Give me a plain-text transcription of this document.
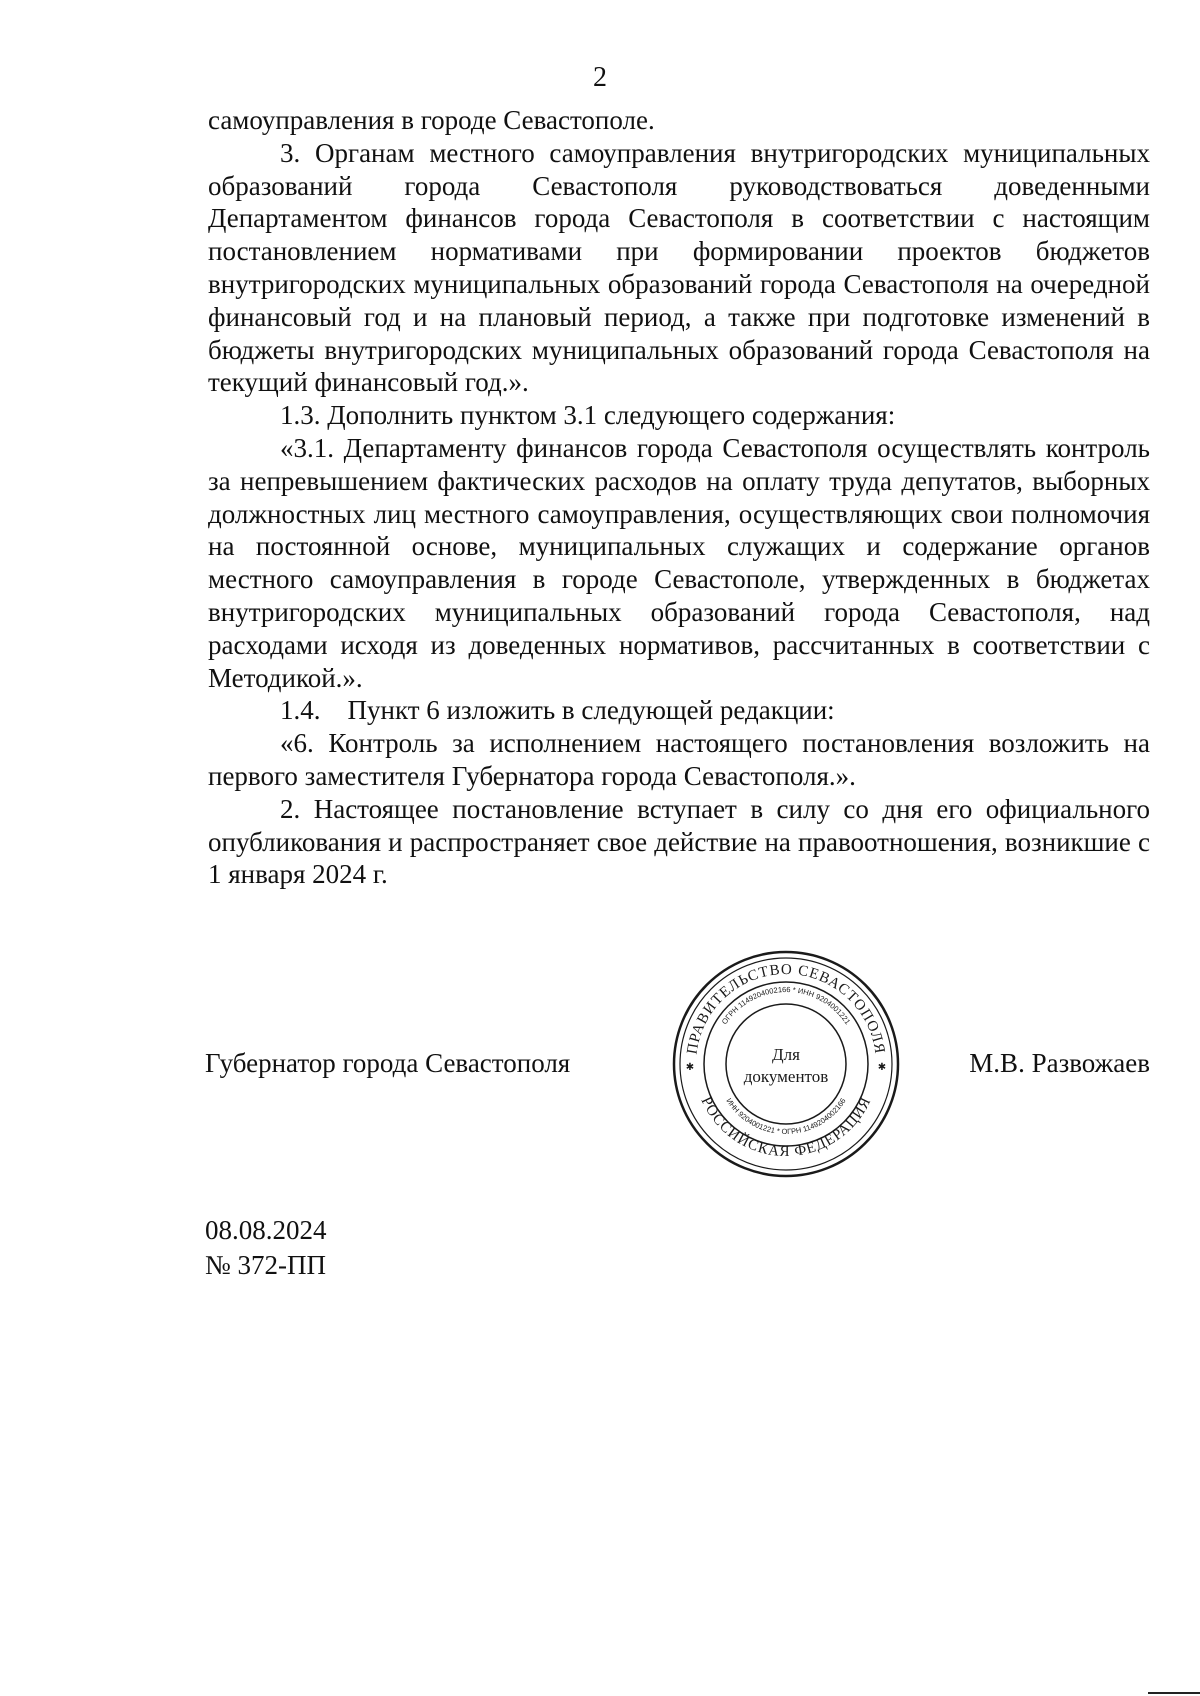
2

самоуправления в городе Севастополе.

3. Органам местного самоуправления внутригородских муниципальных образований города Севастополя руководствоваться доведенными Департаментом финансов города Севастополя в соответствии с настоящим постановлением нормативами при формировании проектов бюджетов внутригородских муниципальных образований города Севастополя на очередной финансовый год и на плановый период, а также при подготовке изменений в бюджеты внутригородских муниципальных образований города Севастополя на текущий финансовый год.».

1.3. Дополнить пунктом 3.1 следующего содержания:

«3.1. Департаменту финансов города Севастополя осуществлять контроль за непревышением фактических расходов на оплату труда депутатов, выборных должностных лиц местного самоуправления, осуществляющих свои полномочия на постоянной основе, муниципальных служащих и содержание органов местного самоуправления в городе Севастополе, утвержденных в бюджетах внутригородских муниципальных образований города Севастополя, над расходами исходя из доведенных нормативов, рассчитанных в соответствии с Методикой.».

1.4.    Пункт 6 изложить в следующей редакции:

«6. Контроль за исполнением настоящего постановления возложить на первого заместителя Губернатора города Севастополя.».

2. Настоящее постановление вступает в силу со дня его официального опубликования и распространяет свое действие на правоотношения, возникшие с 1 января 2024 г.

Губернатор города Севастополя	М.В. Развожаев
ПРАВИТЕЛЬСТВО СЕВАСТОПОЛЯ
РОССИЙСКАЯ ФЕДЕРАЦИЯ
ОГРН 1149204002166 * ИНН 9204001221
ИНН 9204001221 * ОГРН 1149204002166
Для
документов
✱	✱
08.08.2024
№ 372-ПП
